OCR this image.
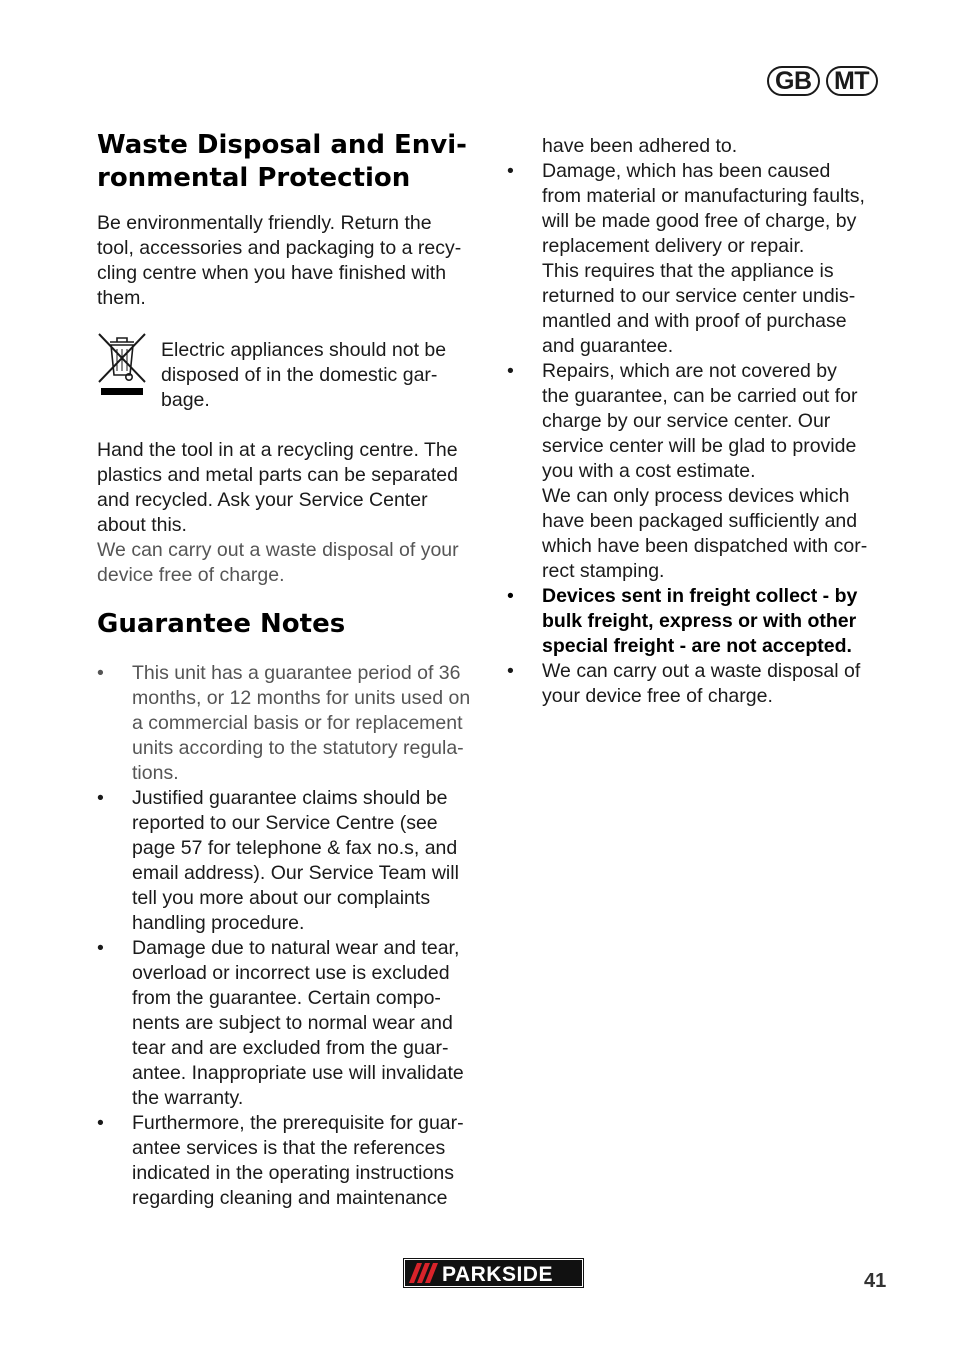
GB MT
Waste Disposal and Envi-
ronmental Protection

Be environmentally friendly. Return the
tool, accessories and packaging to a recy-
cling centre when you have finished with
them.

Electric appliances should not be
disposed of in the domestic gar-
bage.

Hand the tool in at a recycling centre. The
plastics and metal parts can be separated
and recycled. Ask your Service Center
about this.

We can carry out a waste disposal of your
device free of charge.

Guarantee Notes
• This unit has a guarantee period of 36
months, or 12 months for units used on
a commercial basis or for replacement
units according to the statutory regula-
tions.
• Justified guarantee claims should be
reported to our Service Centre (see
page 57 for telephone & fax no.s, and
email address). Our Service Team will
tell you more about our complaints
handling procedure.
• Damage due to natural wear and tear,
overload or incorrect use is excluded
from the guarantee. Certain compo-
nents are subject to normal wear and
tear and are excluded from the guar-
antee. Inappropriate use will invalidate
the warranty.
• Furthermore, the prerequisite for guar-
antee services is that the references
indicated in the operating instructions
regarding cleaning and maintenance

have been adhered to.

• Damage, which has been caused
from material or manufacturing faults,
will be made good free of charge, by
replacement delivery or repair.
This requires that the appliance is
returned to our service center undis-
mantled and with proof of purchase
and guarantee.
• Repairs, which are not covered by
the guarantee, can be carried out for
charge by our service center. Our
service center will be glad to provide
you with a cost estimate.
We can only process devices which
have been packaged sufficiently and
which have been dispatched with cor-
rect stamping.
• Devices sent in freight collect - by
bulk freight, express or with other
special freight - are not accepted.
• We can carry out a waste disposal of
your device free of charge.
PARKSIDE	41
